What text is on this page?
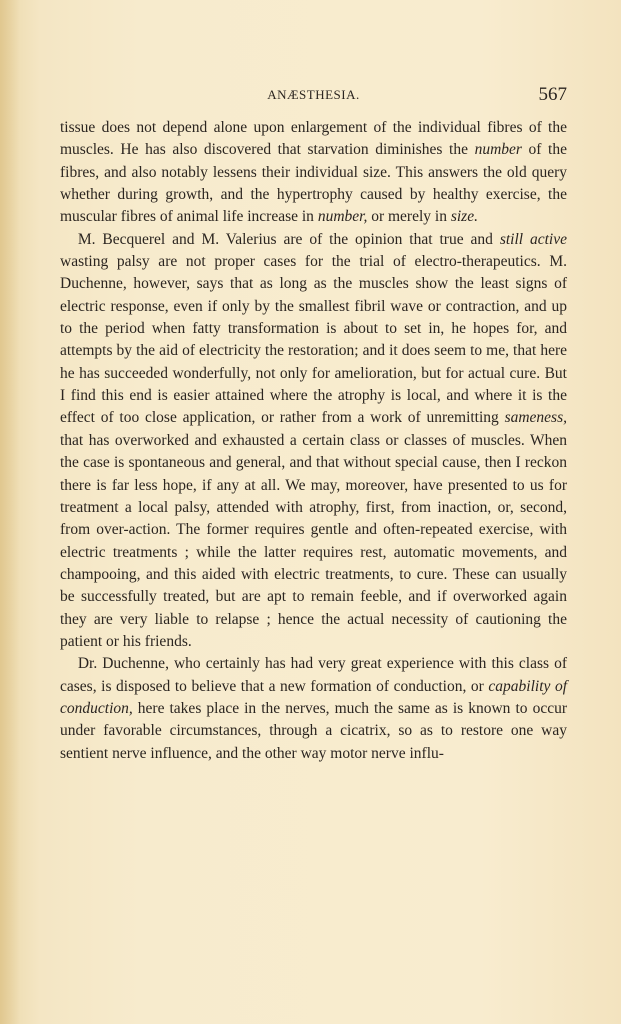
ANÆSTHESIA.	567

tissue does not depend alone upon enlargement of the individual fibres of the muscles. He has also discovered that starvation diminishes the number of the fibres, and also notably lessens their individual size. This answers the old query whether during growth, and the hypertrophy caused by healthy exercise, the muscular fibres of animal life increase in number, or merely in size.

M. Becquerel and M. Valerius are of the opinion that true and still active wasting palsy are not proper cases for the trial of electro-therapeutics. M. Duchenne, however, says that as long as the muscles show the least signs of electric response, even if only by the smallest fibril wave or contraction, and up to the period when fatty transformation is about to set in, he hopes for, and attempts by the aid of electricity the restoration; and it does seem to me, that here he has succeeded wonderfully, not only for amelioration, but for actual cure. But I find this end is easier attained where the atrophy is local, and where it is the effect of too close application, or rather from a work of unremitting sameness, that has overworked and exhausted a certain class or classes of muscles. When the case is spontaneous and general, and that without special cause, then I reckon there is far less hope, if any at all. We may, moreover, have presented to us for treatment a local palsy, attended with atrophy, first, from inaction, or, second, from over-action. The former requires gentle and often-repeated exercise, with electric treatments ; while the latter requires rest, automatic movements, and champooing, and this aided with electric treatments, to cure. These can usually be successfully treated, but are apt to remain feeble, and if overworked again they are very liable to relapse ; hence the actual necessity of cautioning the patient or his friends.

Dr. Duchenne, who certainly has had very great experience with this class of cases, is disposed to believe that a new formation of conduction, or capability of conduction, here takes place in the nerves, much the same as is known to occur under favorable circumstances, through a cicatrix, so as to restore one way sentient nerve influence, and the other way motor nerve influ-
